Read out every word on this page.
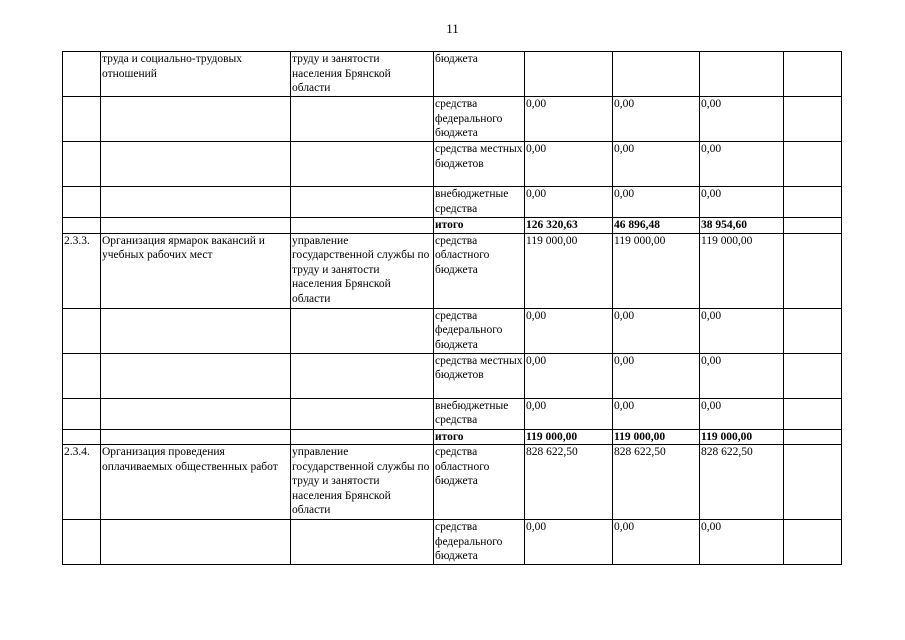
11
	труда и социально-трудовых отношений	труду и занятости населения Брянской области	бюджета				
			средства федерального бюджета	0,00	0,00	0,00	
			средства местных бюджетов	0,00	0,00	0,00	
			внебюджетные средства	0,00	0,00	0,00	
			итого	126 320,63	46 896,48	38 954,60	
2.3.3.	Организация ярмарок вакансий и учебных рабочих мест	управление государственной службы по труду и занятости населения Брянской области	средства областного бюджета	119 000,00	119 000,00	119 000,00	
			средства федерального бюджета	0,00	0,00	0,00	
			средства местных бюджетов	0,00	0,00	0,00	
			внебюджетные средства	0,00	0,00	0,00	
			итого	119 000,00	119 000,00	119 000,00	
2.3.4.	Организация проведения оплачиваемых общественных работ	управление государственной службы по труду и занятости населения Брянской области	средства областного бюджета	828 622,50	828 622,50	828 622,50	
			средства федерального бюджета	0,00	0,00	0,00	
